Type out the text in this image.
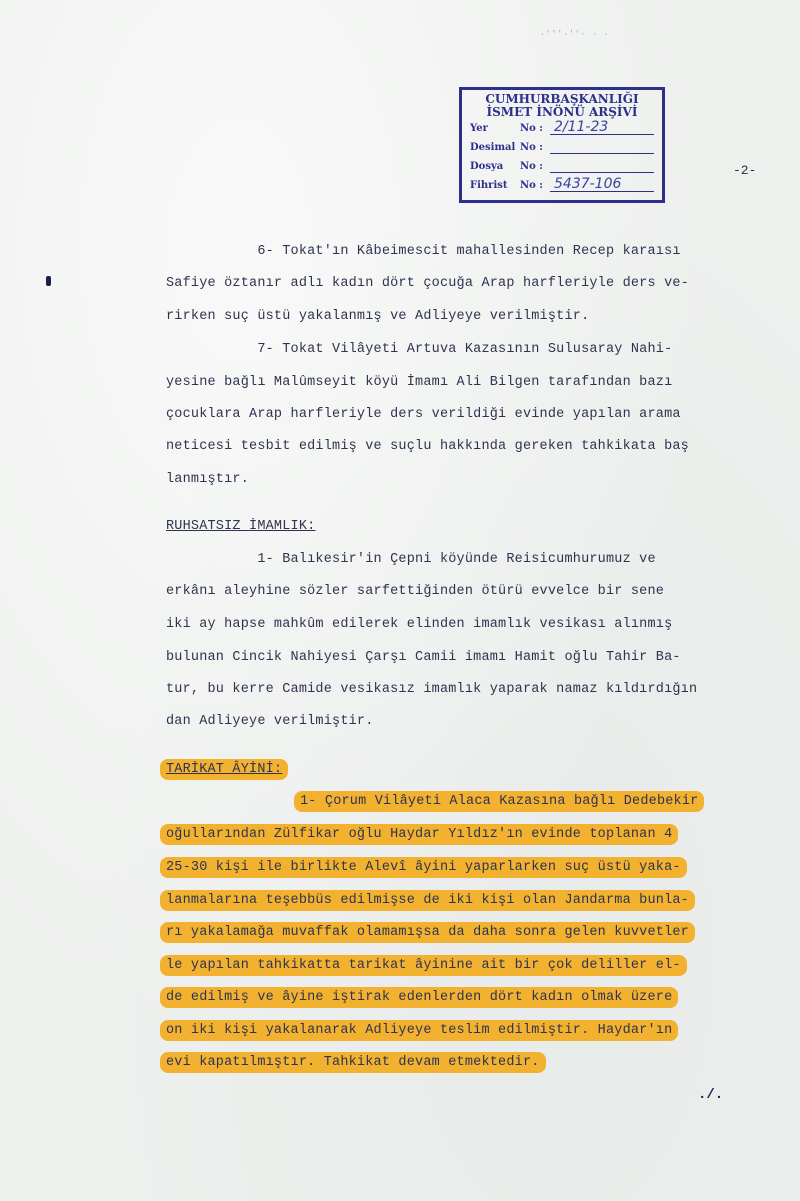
·'''·''· · ·
CUMHURBAŞKANLIĞI
İSMET İNÖNÜ ARŞİVİ
Yer	No : 2/11-23
Desimal No :

Dosya	No :

Fihrist	No : 5437-106
-2-
6- Tokat'ın Kâbeimescit mahallesinden Recep karaısı
Safiye öztanır adlı kadın dört çocuğa Arap harfleriyle ders ve-
rirken suç üstü yakalanmış ve Adliyeye verilmiştir.
7- Tokat Vilâyeti Artuva Kazasının Sulusaray Nahi-
yesine bağlı Malûmseyit köyü İmamı Ali Bilgen tarafından bazı
çocuklara Arap harfleriyle ders verildiği evinde yapılan arama
neticesi tesbit edilmiş ve suçlu hakkında gereken tahkikata baş
lanmıştır.
RUHSATSIZ İMAMLIK:
1- Balıkesir'in Çepni köyünde Reisicumhurumuz ve
erkânı aleyhine sözler sarfettiğinden ötürü evvelce bir sene
iki ay hapse mahkûm edilerek elinden imamlık vesikası alınmış
bulunan Cincik Nahiyesi Çarşı Camii imamı Hamit oğlu Tahir Ba-
tur, bu kerre Camide vesikasız imamlık yaparak namaz kıldırdığın
dan Adliyeye verilmiştir.
TARİKAT ÂYİNİ:
1- Çorum Vilâyeti Alaca Kazasına bağlı Dedebekir
oğullarından Zülfikar oğlu Haydar Yıldız'ın evinde toplanan 4
25-30 kişi ile birlikte Alevî âyini yaparlarken suç üstü yaka-
lanmalarına teşebbüs edilmişse de iki kişi olan Jandarma bunla-
rı yakalamağa muvaffak olamamışsa da daha sonra gelen kuvvetler
le yapılan tahkikatta tarikat âyinine ait bir çok deliller el-
de edilmiş ve âyine iştirak edenlerden dört kadın olmak üzere
on iki kişi yakalanarak Adliyeye teslim edilmiştir. Haydar'ın
evi kapatılmıştır. Tahkikat devam etmektedir.
./.
